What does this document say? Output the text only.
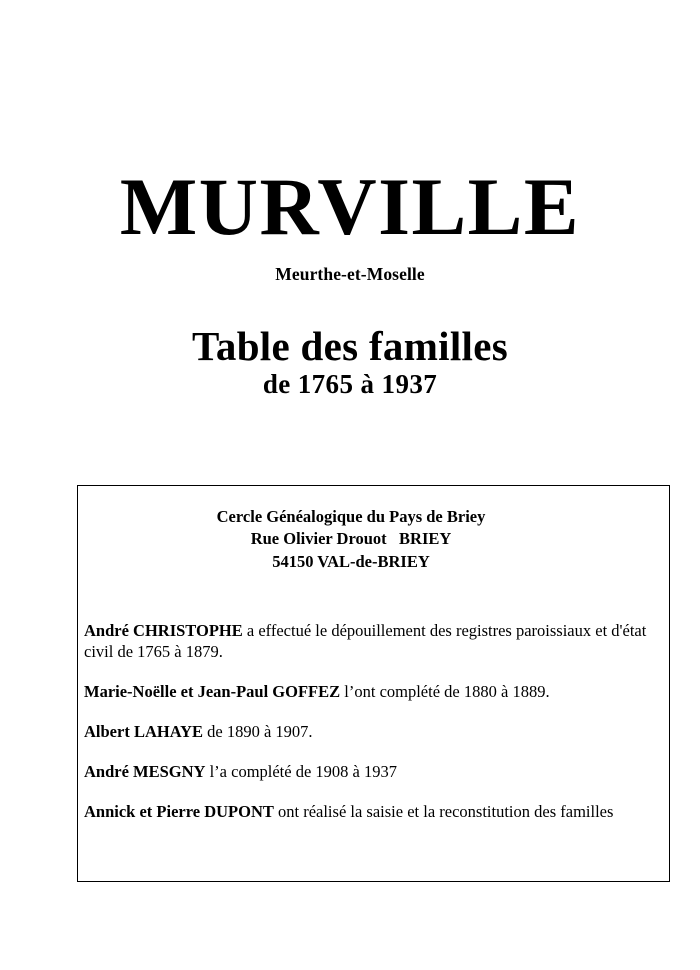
MURVILLE
Meurthe-et-Moselle
Table des familles
de 1765 à 1937
Cercle Généalogique du Pays de Briey
Rue Olivier Drouot   BRIEY
54150 VAL-de-BRIEY

André CHRISTOPHE a effectué le dépouillement des registres paroissiaux et d'état civil de 1765 à 1879.

Marie-Noëlle et Jean-Paul GOFFEZ l’ont complété de 1880 à 1889.

Albert LAHAYE de 1890 à 1907.

André MESGNY l’a complété de 1908 à 1937

Annick et Pierre DUPONT ont réalisé la saisie et la reconstitution des familles
